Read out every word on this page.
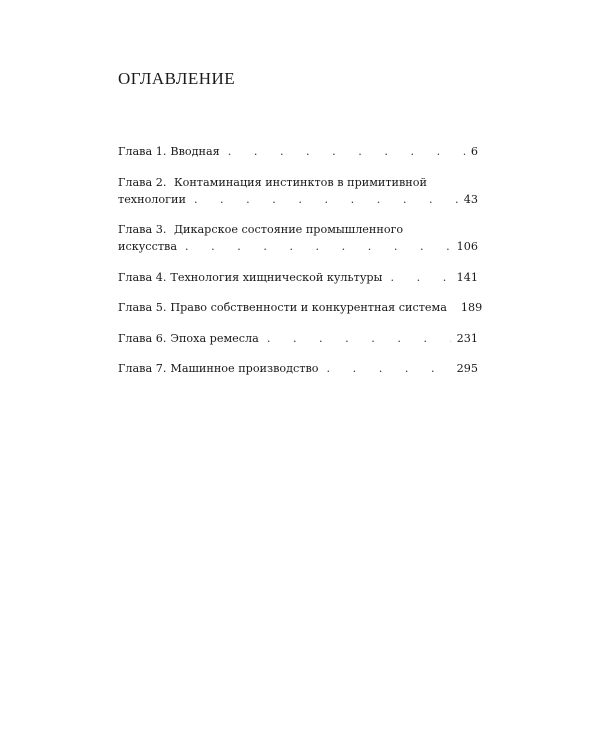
ОГЛАВЛЕНИЕ
Глава 1. Вводная . . .	6
Глава 2. Контаминация инстинктов в примитивной
технологии . . .	43
Глава 3. Дикарское состояние промышленного
искусства . . .	106
Глава 4. Технология хищнической культуры . . .	141
Глава 5. Право собственности и конкурентная система 189
Глава 6. Эпоха ремесла . . .	231
Глава 7. Машинное производство . . .	295
